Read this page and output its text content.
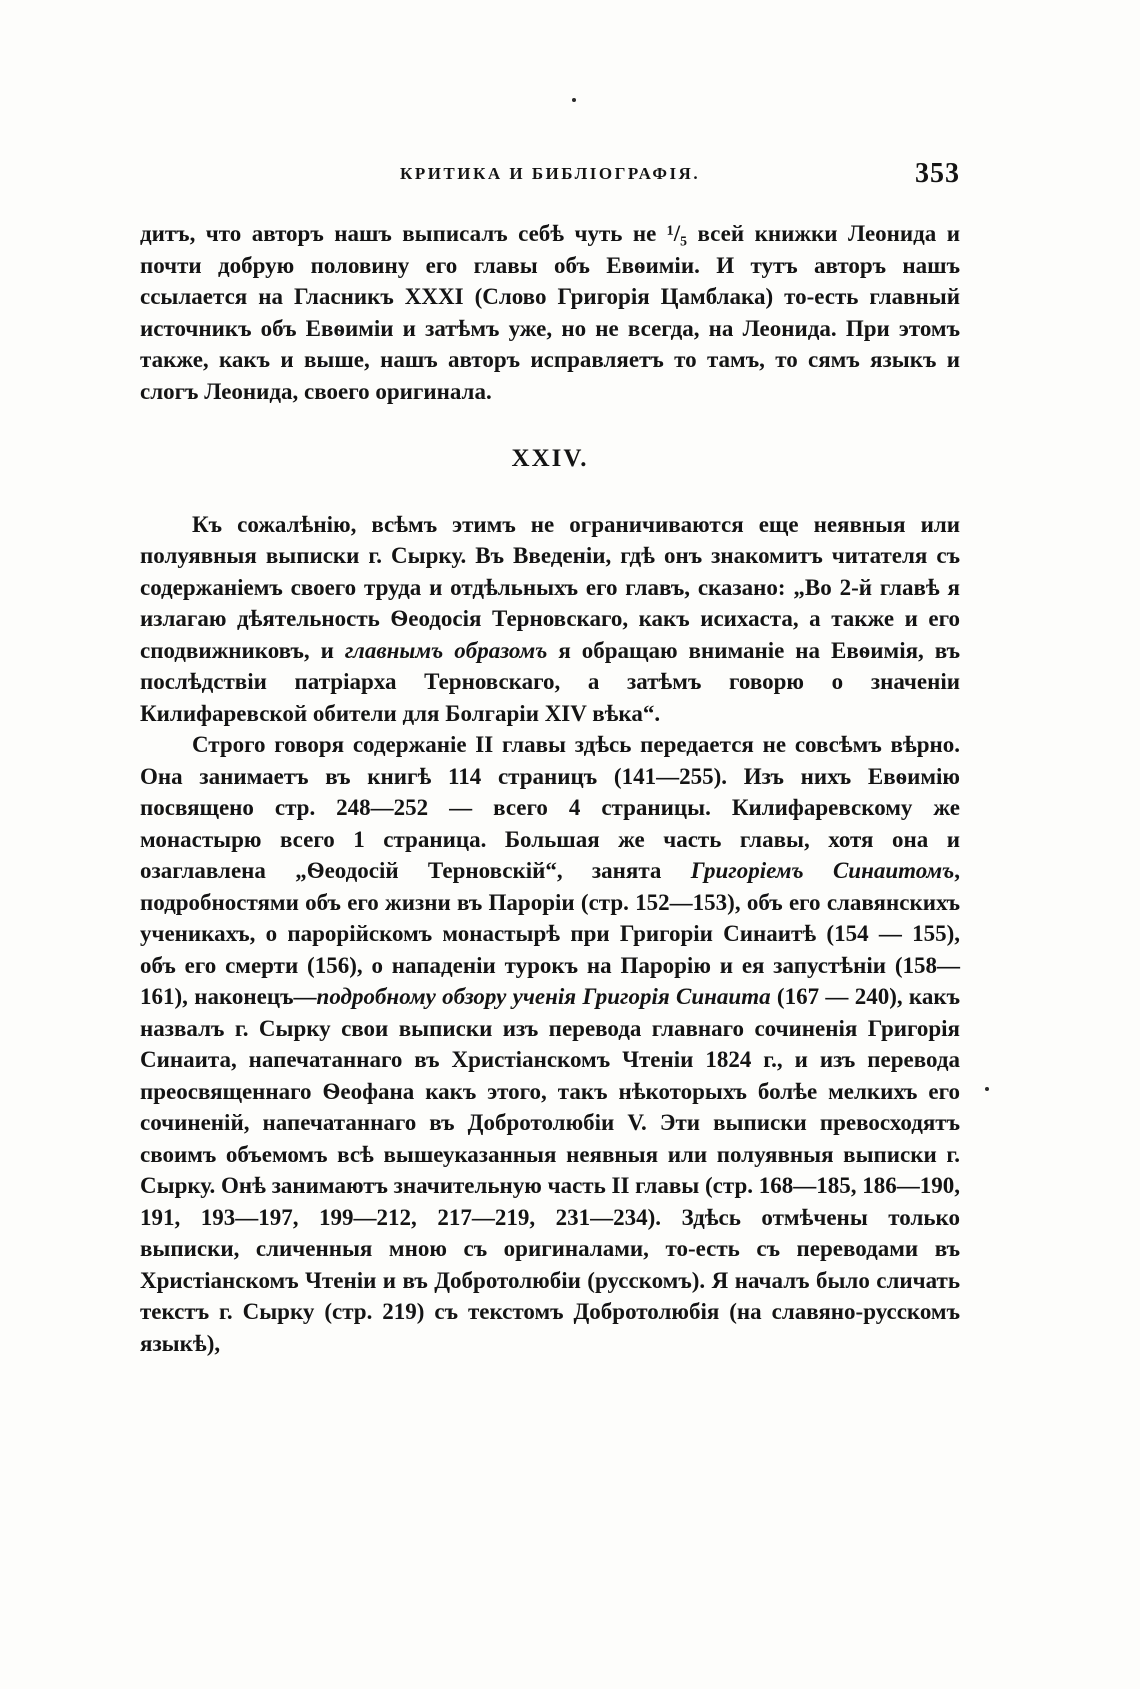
КРИТИКА И БИБЛІОГРАФІЯ.	353

дитъ, что авторъ нашъ выписалъ себѣ чуть не ¹/₅ всей книжки Леонида и почти добрую половину его главы объ Евѳиміи. И тутъ авторъ нашъ ссылается на Гласникъ XXXI (Слово Григорія Цамблака) то-есть главный источникъ объ Евѳиміи и затѣмъ уже, но не всегда, на Леонида. При этомъ также, какъ и выше, нашъ авторъ исправляетъ то тамъ, то сямъ языкъ и слогъ Леонида, своего оригинала.

XXIV.

Къ сожалѣнію, всѣмъ этимъ не ограничиваются еще неявныя или полуявныя выписки г. Сырку. Въ Введеніи, гдѣ онъ знакомитъ читателя съ содержаніемъ своего труда и отдѣльныхъ его главъ, сказано: „Во 2-й главѣ я излагаю дѣятельность Ѳеодосія Терновскаго, какъ исихаста, а также и его сподвижниковъ, и главнымъ образомъ я обращаю вниманіе на Евѳимія, въ послѣдствіи патріарха Терновскаго, а затѣмъ говорю о значеніи Килифаревской обители для Болгаріи XIV вѣка“.

Строго говоря содержаніе II главы здѣсь передается не совсѣмъ вѣрно. Она занимаетъ въ книгѣ 114 страницъ (141—255). Изъ нихъ Евѳимію посвящено стр. 248—252 — всего 4 страницы. Килифаревскому же монастырю всего 1 страница. Большая же часть главы, хотя она и озаглавлена „Ѳеодосій Терновскій“, занята Григоріемъ Синаитомъ, подробностями объ его жизни въ Пароріи (стр. 152—153), объ его славянскихъ ученикахъ, о парорійскомъ монастырѣ при Григоріи Синаитѣ (154 — 155), объ его смерти (156), о нападеніи турокъ на Парорію и ея запустѣніи (158—161), наконецъ—подробному обзору ученія Григорія Синаита (167 — 240), какъ назвалъ г. Сырку свои выписки изъ перевода главнаго сочиненія Григорія Синаита, напечатаннаго въ Христіанскомъ Чтеніи 1824 г., и изъ перевода преосвященнаго Ѳеофана какъ этого, такъ нѣкоторыхъ болѣе мелкихъ его сочиненій, напечатаннаго въ Добротолюбіи V. Эти выписки превосходятъ своимъ объемомъ всѣ вышеуказанныя неявныя или полуявныя выписки г. Сырку. Онѣ занимаютъ значительную часть II главы (стр. 168—185, 186—190, 191, 193—197, 199—212, 217—219, 231—234). Здѣсь отмѣчены только выписки, сличенныя мною съ оригиналами, то-есть съ переводами въ Христіанскомъ Чтеніи и въ Добротолюбіи (русскомъ). Я началъ было сличать текстъ г. Сырку (стр. 219) съ текстомъ Добротолюбія (на славяно-русскомъ языкѣ),
